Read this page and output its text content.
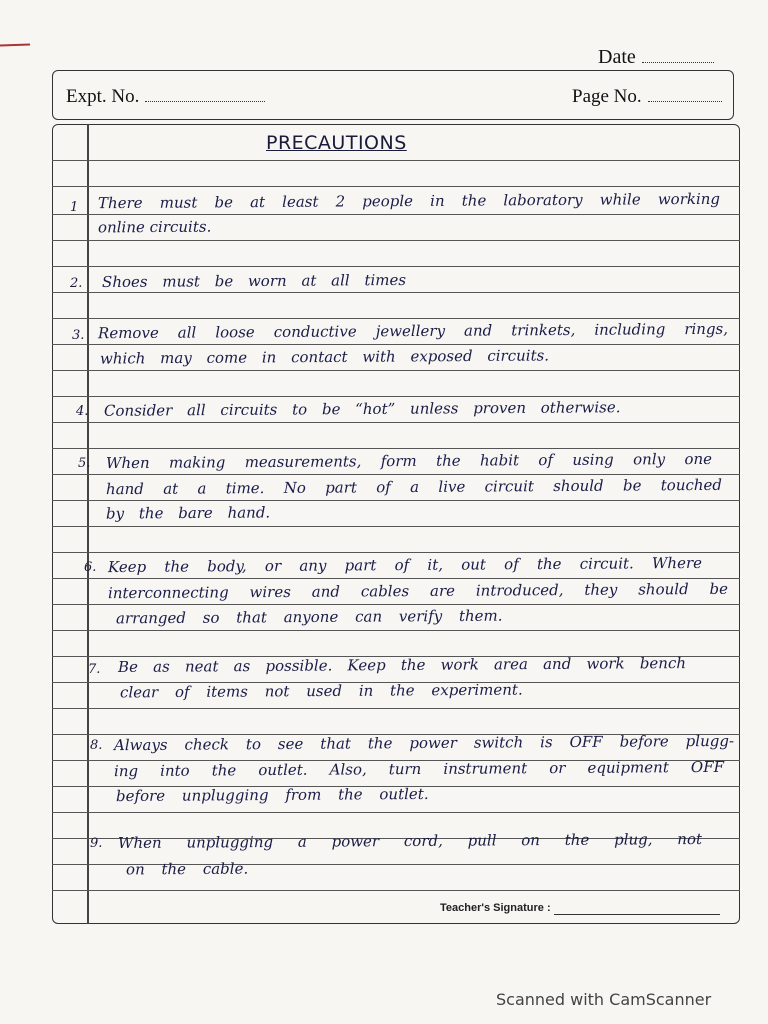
Date
Expt. No.	Page No.
PRECAUTIONS
1 There must be at least 2 people in the laboratory while working
online circuits.
2. Shoes must be worn at all times
3. Remove all loose conductive jewellery and trinkets, including rings,
which may come in contact with exposed circuits.
4. Consider all circuits to be “hot” unless proven otherwise.
5. When making measurements, form the habit of using only one
hand at a time. No part of a live circuit should be touched
by the bare hand.
6. Keep the body, or any part of it, out of the circuit. Where
interconnecting wires and cables are introduced, they should be
arranged so that anyone can verify them.
7. Be as neat as possible. Keep the work area and work bench
clear of items not used in the experiment.
8. Always check to see that the power switch is OFF before plugg-
ing into the outlet. Also, turn instrument or equipment OFF
before unplugging from the outlet.
9. When unplugging a power cord, pull on the plug, not
on the cable.
Teacher's Signature :
Scanned with CamScanner
